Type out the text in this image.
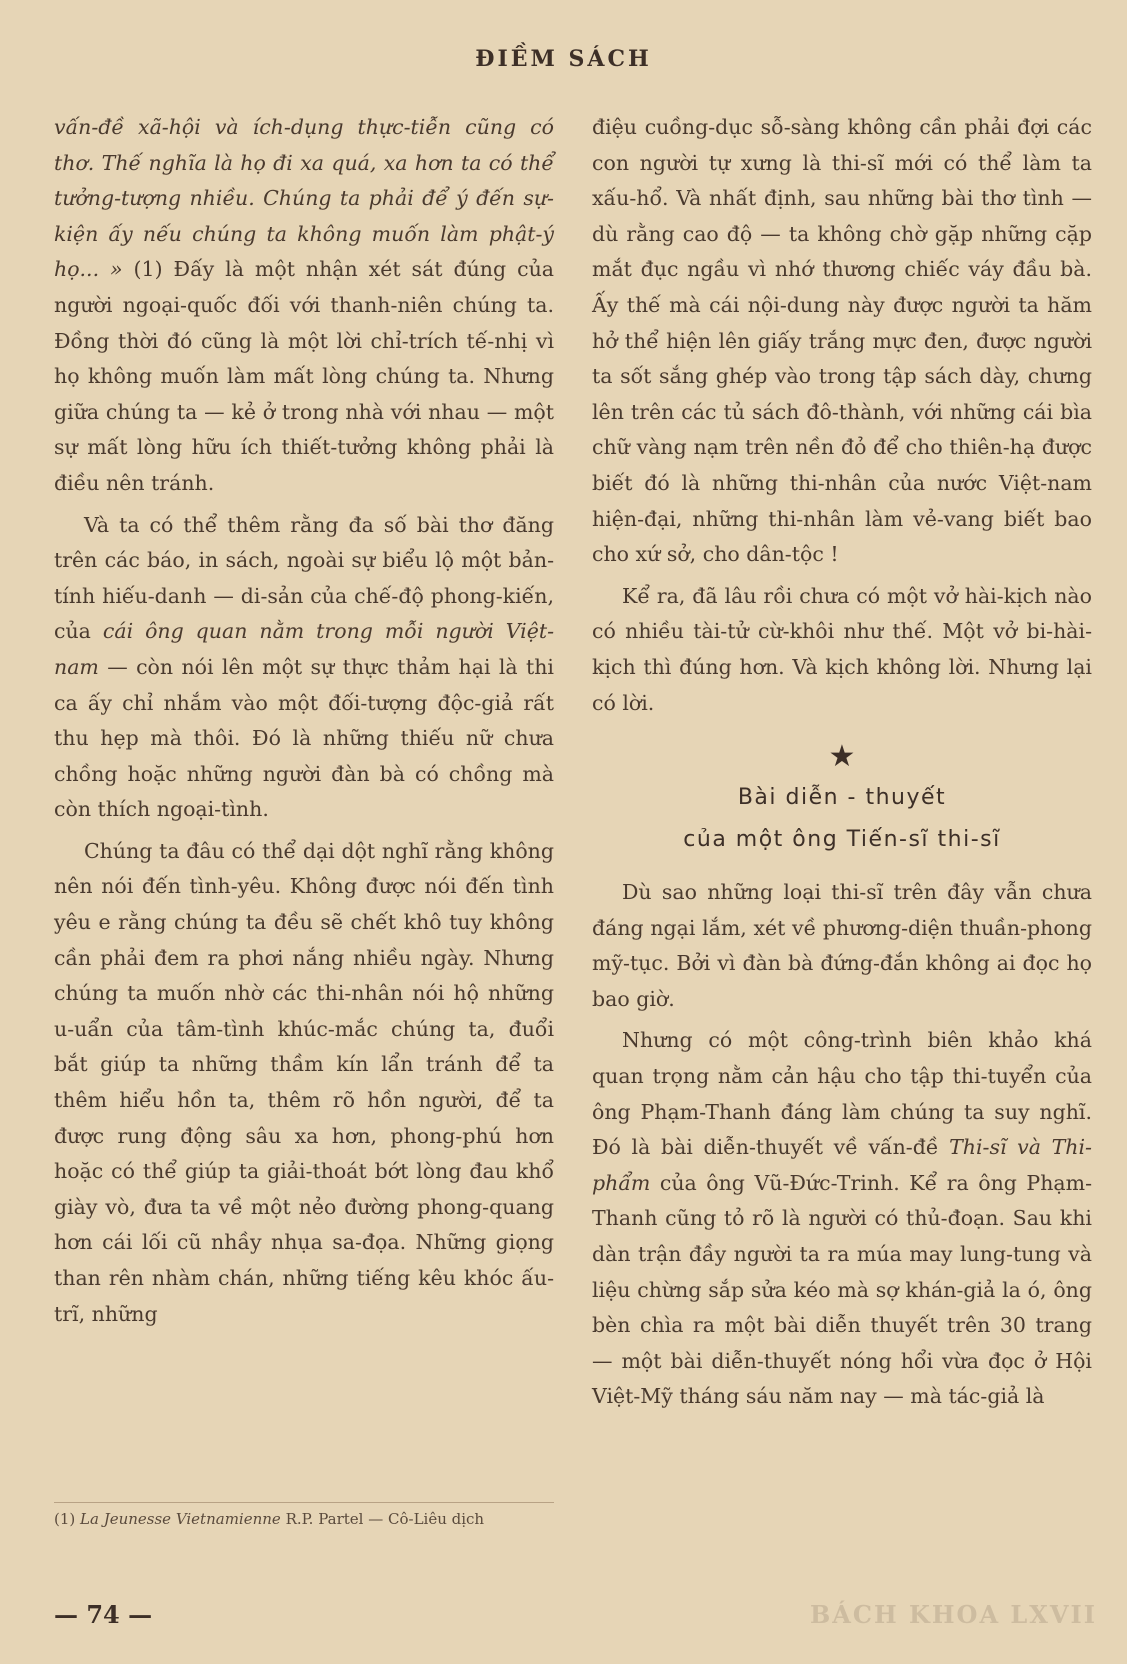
ĐIỀM SÁCH

vấn-đề xã-hội và ích-dụng thực-tiễn cũng có thơ. Thế nghĩa là họ đi xa quá, xa hơn ta có thể tưởng-tượng nhiều. Chúng ta phải để ý đến sự-kiện ấy nếu chúng ta không muốn làm phật-ý họ... » (1) Đấy là một nhận xét sát đúng của người ngoại-quốc đối với thanh-niên chúng ta. Đồng thời đó cũng là một lời chỉ-trích tế-nhị vì họ không muốn làm mất lòng chúng ta. Nhưng giữa chúng ta — kẻ ở trong nhà với nhau — một sự mất lòng hữu ích thiết-tưởng không phải là điều nên tránh.

Và ta có thể thêm rằng đa số bài thơ đăng trên các báo, in sách, ngoài sự biểu lộ một bản-tính hiếu-danh — di-sản của chế-độ phong-kiến, của cái ông quan nằm trong mỗi người Việt-nam — còn nói lên một sự thực thảm hại là thi ca ấy chỉ nhắm vào một đối-tượng độc-giả rất thu hẹp mà thôi. Đó là những thiếu nữ chưa chồng hoặc những người đàn bà có chồng mà còn thích ngoại-tình.

Chúng ta đâu có thể dại dột nghĩ rằng không nên nói đến tình-yêu. Không được nói đến tình yêu e rằng chúng ta đều sẽ chết khô tuy không cần phải đem ra phơi nắng nhiều ngày. Nhưng chúng ta muốn nhờ các thi-nhân nói hộ những u-uẩn của tâm-tình khúc-mắc chúng ta, đuổi bắt giúp ta những thầm kín lẩn tránh để ta thêm hiểu hồn ta, thêm rõ hồn người, để ta được rung động sâu xa hơn, phong-phú hơn hoặc có thể giúp ta giải-thoát bớt lòng đau khổ giày vò, đưa ta về một nẻo đường phong-quang hơn cái lối cũ nhầy nhụa sa-đọa. Những giọng than rên nhàm chán, những tiếng kêu khóc ấu-trĩ, những

(1) La Jeunesse Vietnamienne R.P. Partel — Cô-Liêu dịch

điệu cuồng-dục sỗ-sàng không cần phải đợi các con người tự xưng là thi-sĩ mới có thể làm ta xấu-hổ. Và nhất định, sau những bài thơ tình — dù rằng cao độ — ta không chờ gặp những cặp mắt đục ngầu vì nhớ thương chiếc váy đầu bà. Ấy thế mà cái nội-dung này được người ta hăm hở thể hiện lên giấy trắng mực đen, được người ta sốt sắng ghép vào trong tập sách dày, chưng lên trên các tủ sách đô-thành, với những cái bìa chữ vàng nạm trên nền đỏ để cho thiên-hạ được biết đó là những thi-nhân của nước Việt-nam hiện-đại, những thi-nhân làm vẻ-vang biết bao cho xứ sở, cho dân-tộc !

Kể ra, đã lâu rồi chưa có một vở hài-kịch nào có nhiều tài-tử cừ-khôi như thế. Một vở bi-hài-kịch thì đúng hơn. Và kịch không lời. Nhưng lại có lời.

★
Bài diễn - thuyết
của một ông Tiến-sĩ thi-sĩ

Dù sao những loại thi-sĩ trên đây vẫn chưa đáng ngại lắm, xét về phương-diện thuần-phong mỹ-tục. Bởi vì đàn bà đứng-đắn không ai đọc họ bao giờ.

Nhưng có một công-trình biên khảo khá quan trọng nằm cản hậu cho tập thi-tuyển của ông Phạm-Thanh đáng làm chúng ta suy nghĩ. Đó là bài diễn-thuyết về vấn-đề Thi-sĩ và Thi-phẩm của ông Vũ-Đức-Trinh. Kể ra ông Phạm-Thanh cũng tỏ rõ là người có thủ-đoạn. Sau khi dàn trận đầy người ta ra múa may lung-tung và liệu chừng sắp sửa kéo mà sợ khán-giả la ó, ông bèn chìa ra một bài diễn thuyết trên 30 trang — một bài diễn-thuyết nóng hổi vừa đọc ở Hội Việt-Mỹ tháng sáu năm nay — mà tác-giả là

— 74 —	BÁCH KHOA LXVII
